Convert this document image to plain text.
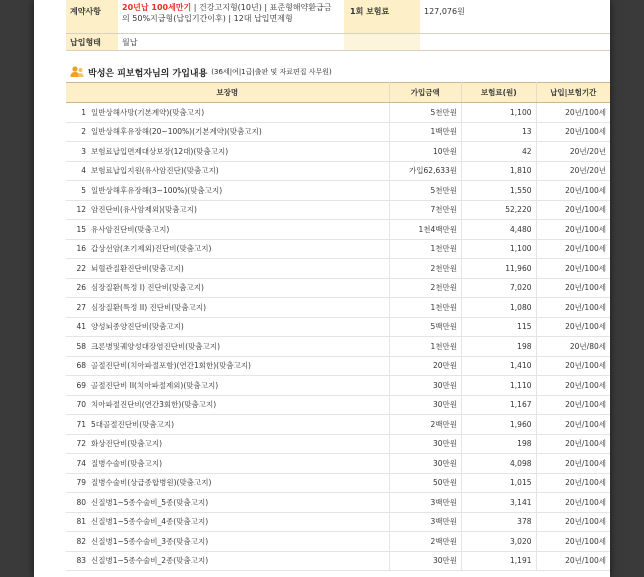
계약사항	20년납 100세만기 | 건강고지형(10년) | 표준형해약환급금의 50%지급형(납입기간이후) | 12대 납입면제형
1회 보험료	127,076원
납입형태	월납
박성은 피보험자님의 가입내용 (36세|여|1급|출판 및 자료편집 사무원)
보장명	가입금액	보험료(원)	납입|보험기간
1 일반상해사망(기본계약)(맞춤고지)	5천만원	1,100	20년/100세
2 일반상해후유장해(20~100%)(기본계약)(맞춤고지)	1백만원	13	20년/100세
3 보험료납입면제대상보장(12대)(맞춤고지)	10만원	42	20년/20년
4 보험료납입지원(유사암진단)(맞춤고지)	가입62,633원	1,810	20년/20년
5 일반상해후유장해(3~100%)(맞춤고지)	5천만원	1,550	20년/100세
12 암진단비(유사암제외)(맞춤고지)	7천만원	52,220	20년/100세
15 유사암진단비(맞춤고지)	1천4백만원	4,480	20년/100세
16 갑상선암(초기제외)진단비(맞춤고지)	1천만원	1,100	20년/100세
22 뇌혈관질환진단비(맞춤고지)	2천만원	11,960	20년/100세
26 심장질환(특정 I) 진단비(맞춤고지)	2천만원	7,020	20년/100세
27 심장질환(특정 II) 진단비(맞춤고지)	1천만원	1,080	20년/100세
41 양성뇌종양진단비(맞춤고지)	5백만원	115	20년/100세
58 크론병및궤양성대장염진단비(맞춤고지)	1천만원	198	20년/80세
68 골절진단비(치아파절포함)(연간1회한)(맞춤고지)	20만원	1,410	20년/100세
69 골절진단비 II(치아파절제외)(맞춤고지)	30만원	1,110	20년/100세
70 치아파절진단비(연간3회한)(맞춤고지)	30만원	1,167	20년/100세
71 5대골절진단비(맞춤고지)	2백만원	1,960	20년/100세
72 화상진단비(맞춤고지)	30만원	198	20년/100세
74 질병수술비(맞춤고지)	30만원	4,098	20년/100세
79 질병수술비(상급종합병원)(맞춤고지)	50만원	1,015	20년/100세
80 신질병1~5종수술비_5종(맞춤고지)	3백만원	3,141	20년/100세
81 신질병1~5종수술비_4종(맞춤고지)	3백만원	378	20년/100세
82 신질병1~5종수술비_3종(맞춤고지)	2백만원	3,020	20년/100세
83 신질병1~5종수술비_2종(맞춤고지)	30만원	1,191	20년/100세
